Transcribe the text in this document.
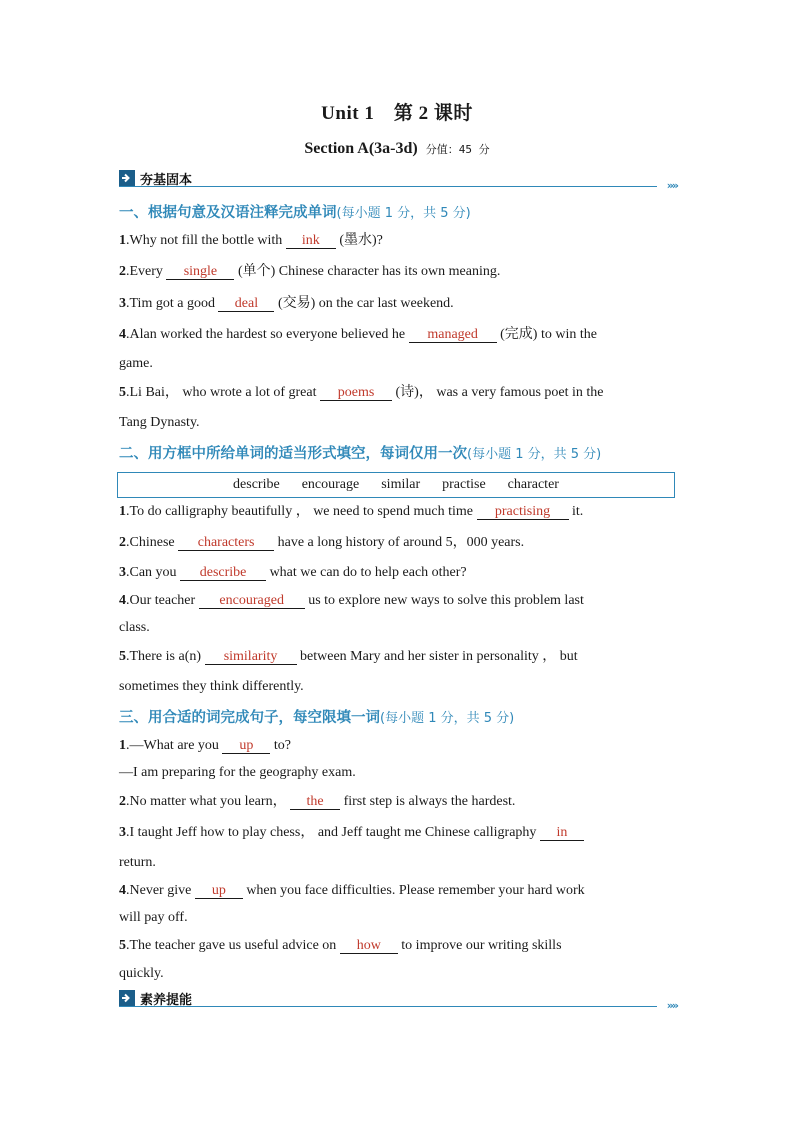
Unit 1　第 2 课时
Section A(3a-3d) 分值：45 分
夯基固本	»»
一、根据句意及汉语注释完成单词(每小题 1 分，共 5 分)
1.Why not fill the bottle with ink (墨水)?
2.Every single (单个) Chinese character has its own meaning.
3.Tim got a good deal (交易) on the car last weekend.
4.Alan worked the hardest so everyone believed he managed (完成) to win the
game.
5.Li Bai， who wrote a lot of great poems (诗)， was a very famous poet in the
Tang Dynasty.
二、用方框中所给单词的适当形式填空，每词仅用一次(每小题 1 分，共 5 分)
describe encourage similar practise character
1.To do calligraphy beautifully ， we need to spend much time practising it.
2.Chinese characters have a long history of around 5，000 years.
3.Can you describe what we can do to help each other?
4.Our teacher encouraged us to explore new ways to solve this problem last
class.
5.There is a(n) similarity between Mary and her sister in personality ， but
sometimes they think differently.
三、用合适的词完成句子，每空限填一词(每小题 1 分，共 5 分)
1.—What are you up to?
—I am preparing for the geography exam.
2.No matter what you learn， the first step is always the hardest.
3.I taught Jeff how to play chess， and Jeff taught me Chinese calligraphy in
return.
4.Never give up when you face difficulties. Please remember your hard work
will pay off.
5.The teacher gave us useful advice on how to improve our writing skills
quickly.
素养提能	»»
